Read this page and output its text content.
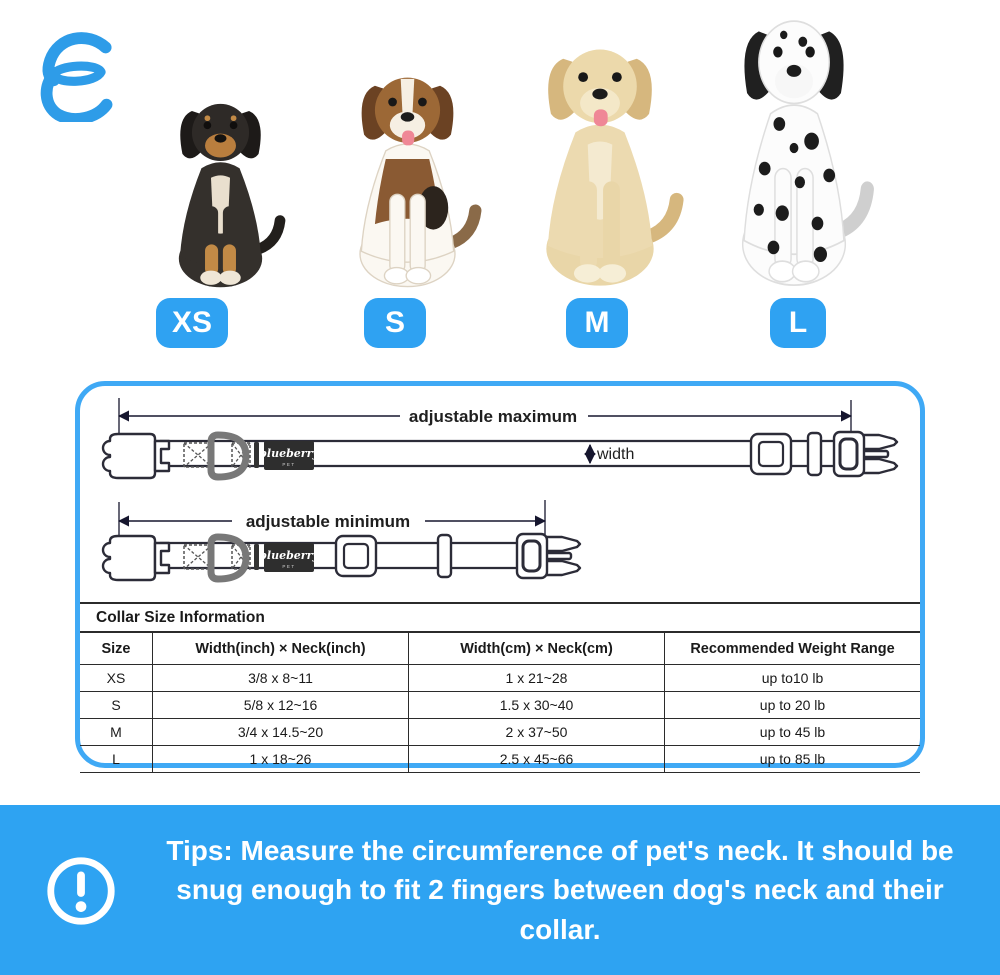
XS	S	M	L
adjustable maximum
width
adjustable minimum
Collar Size Information
Size	Width(inch) × Neck(inch)	Width(cm) × Neck(cm)	Recommended Weight Range
XS	3/8 x 8~11	1 x 21~28	up to10 lb
S	5/8 x 12~16	1.5 x 30~40	up to 20 lb
M	3/4 x 14.5~20	2 x 37~50	up to 45 lb
L	1 x 18~26	2.5 x 45~66	up to 85 lb
Tips: Measure the circumference of pet's neck. It should be snug enough to fit 2 fingers between dog's neck and their collar.
